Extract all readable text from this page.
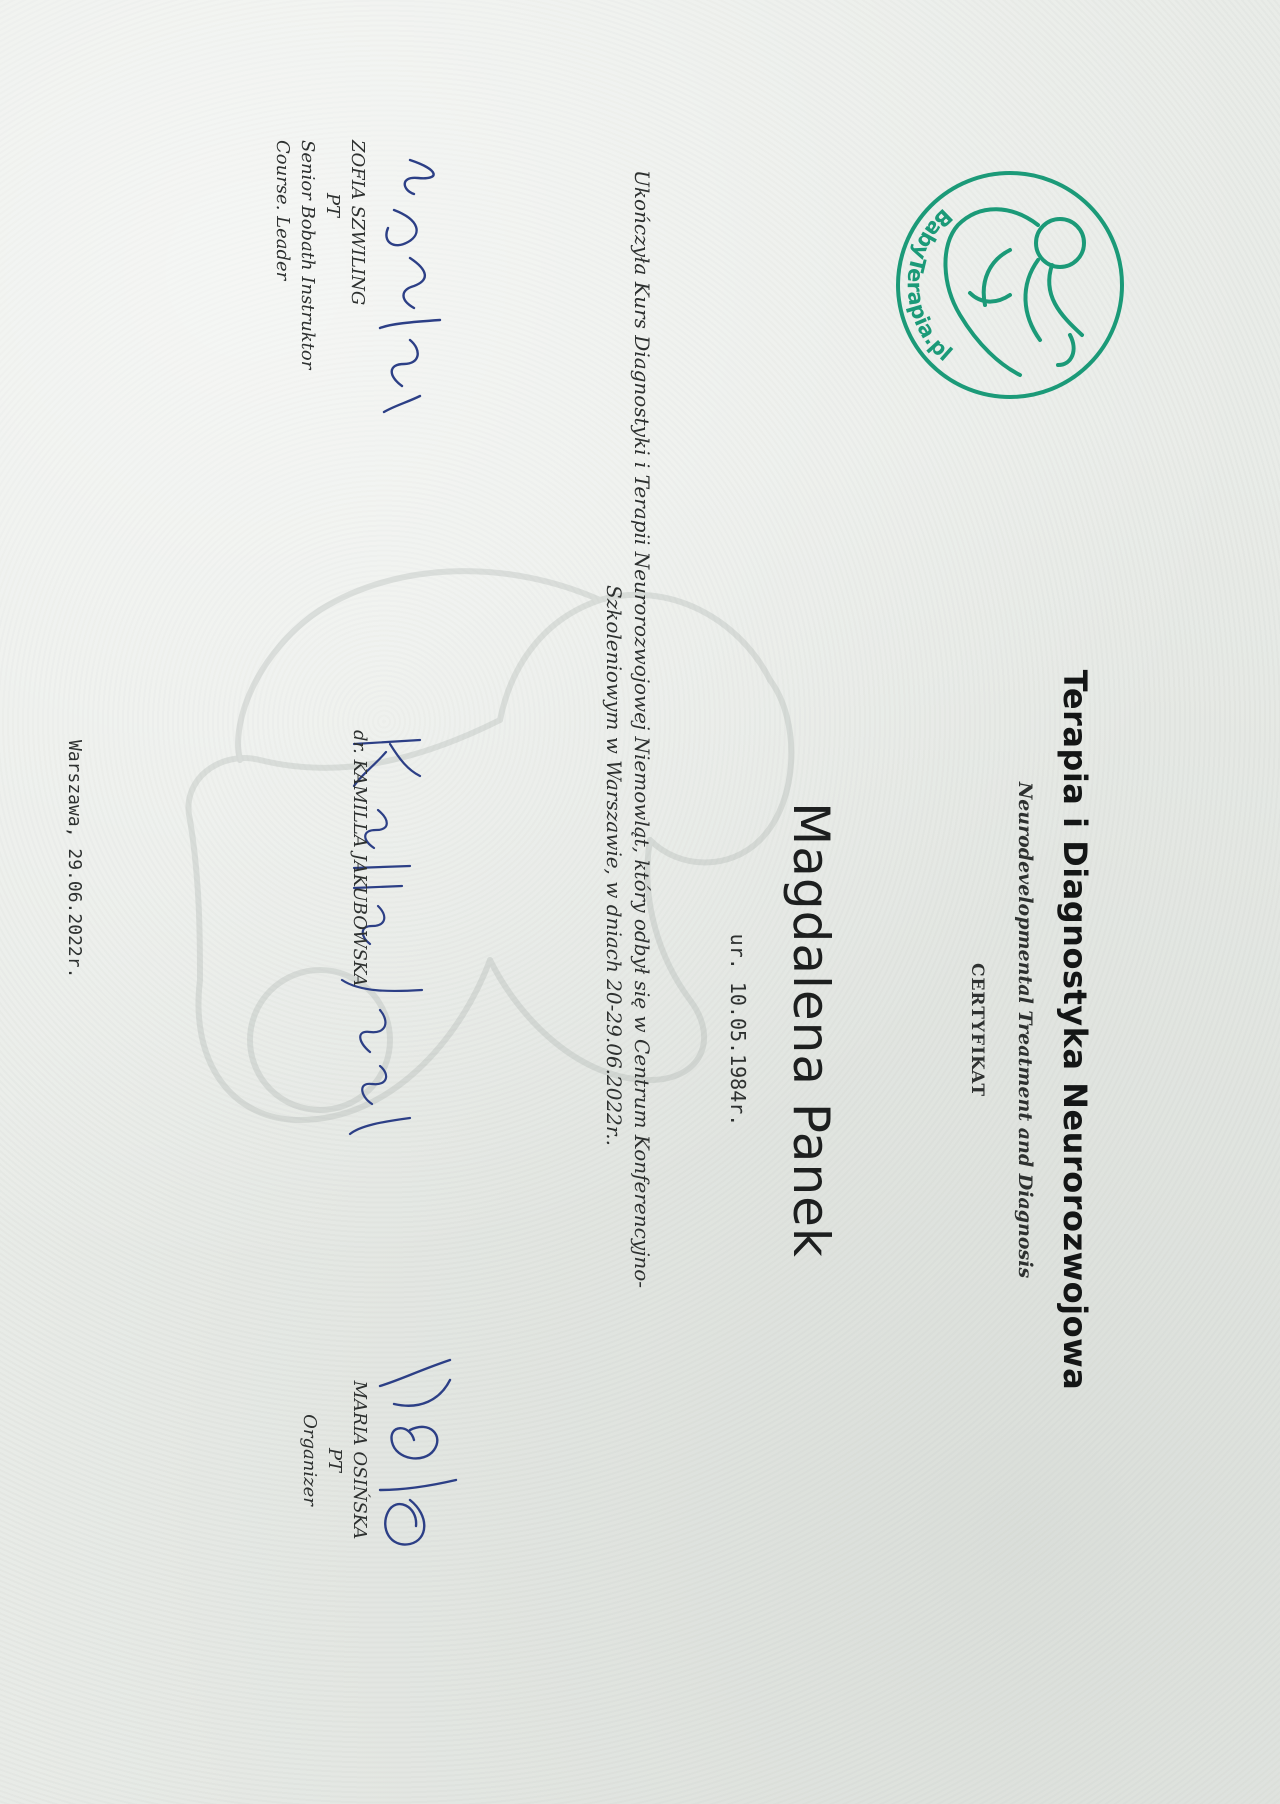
BabyTerapia.pl
Terapia i Diagnostyka Neurorozwojowa
Neurodevelopmental Treatment and Diagnosis
CERTYFIKAT
Magdalena Panek
ur. 10.05.1984r.
Ukończyła Kurs Diagnostyki i Terapii Neurorozwojowej Niemowląt, który odbył się w Centrum Konferencyjno-
Szkoleniowym w Warszawie, w dniach 20-29.06.2022r..
ZOFIA SZWILING
PT
Senior Bobath Instruktor
Course. Leader
dr. KAMILLA JAKUBOWSKA
MARIA OSIŃSKA
PT
Organizer
Warszawa, 29.06.2022r.
